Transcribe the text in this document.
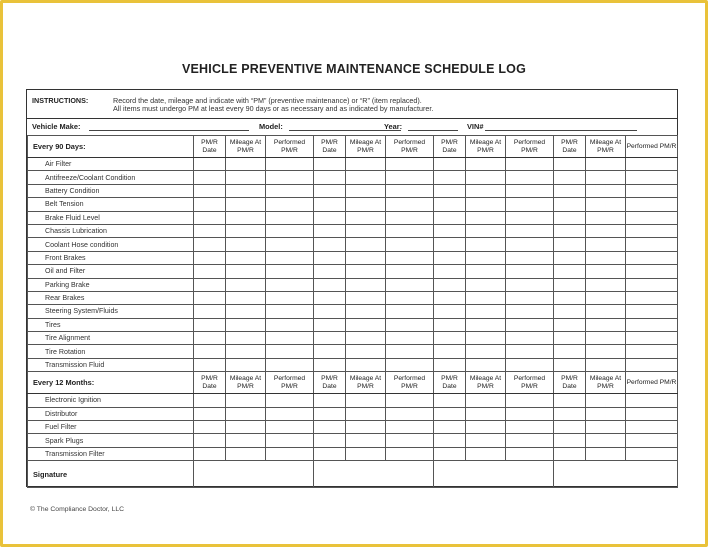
VEHICLE PREVENTIVE MAINTENANCE SCHEDULE LOG
INSTRUCTIONS:	Record the date, mileage and indicate with “PM” (preventive maintenance) or “R” (item replaced).
All items must undergo PM at least every 90 days or as necessary and as indicated by manufacturer.
Vehicle Make:	Model:	Year:	VIN#
Every 90 Days:	PM/R Date	Mileage At PM/R	Performed PM/R	PM/R Date	Mileage At PM/R	Performed PM/R	PM/R Date	Mileage At PM/R	Performed PM/R	PM/R Date	Mileage At PM/R	Performed PM/R
Air Filter												
Antifreeze/Coolant Condition												
Battery Condition												
Belt Tension												
Brake Fluid Level												
Chassis Lubrication												
Coolant Hose condition												
Front Brakes												
Oil and Filter												
Parking Brake												
Rear Brakes												
Steering System/Fluids												
Tires												
Tire Alignment												
Tire Rotation												
Transmission Fluid												
Every 12 Months:	PM/R Date	Mileage At PM/R	Performed PM/R	PM/R Date	Mileage At PM/R	Performed PM/R	PM/R Date	Mileage At PM/R	Performed PM/R	PM/R Date	Mileage At PM/R	Performed PM/R
Electronic Ignition												
Distributor												
Fuel Filter												
Spark Plugs												
Transmission Filter												
Signature												
© The Compliance Doctor, LLC
